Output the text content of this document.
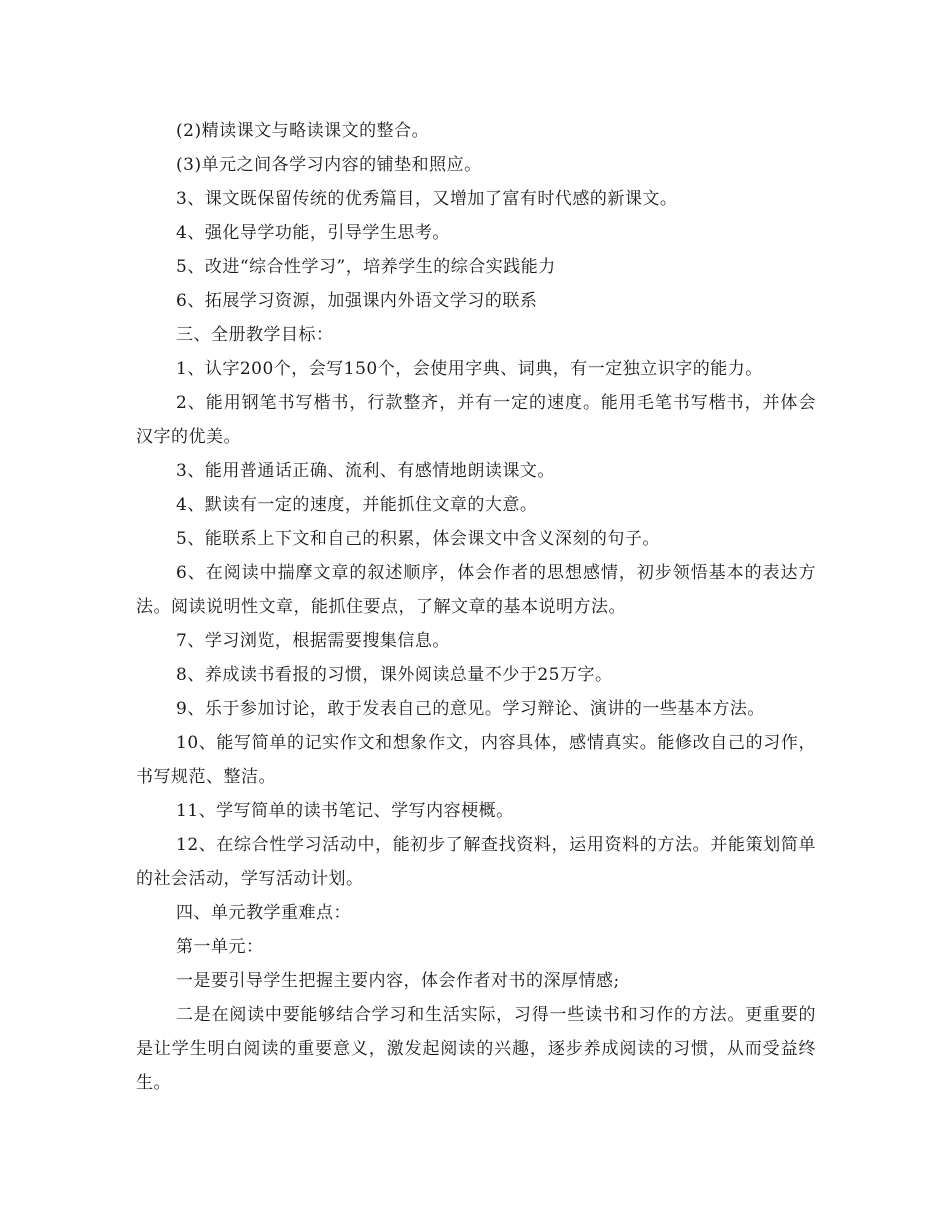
(2)精读课文与略读课文的整合。

(3)单元之间各学习内容的铺垫和照应。

3、课文既保留传统的优秀篇目，又增加了富有时代感的新课文。

4、强化导学功能，引导学生思考。

5、改进“综合性学习”，培养学生的综合实践能力

6、拓展学习资源，加强课内外语文学习的联系

三、全册教学目标：

1、认字200个，会写150个，会使用字典、词典，有一定独立识字的能力。

2、能用钢笔书写楷书，行款整齐，并有一定的速度。能用毛笔书写楷书，并体会汉字的优美。

3、能用普通话正确、流利、有感情地朗读课文。

4、默读有一定的速度，并能抓住文章的大意。

5、能联系上下文和自己的积累，体会课文中含义深刻的句子。

6、在阅读中揣摩文章的叙述顺序，体会作者的思想感情，初步领悟基本的表达方法。阅读说明性文章，能抓住要点，了解文章的基本说明方法。

7、学习浏览，根据需要搜集信息。

8、养成读书看报的习惯，课外阅读总量不少于25万字。

9、乐于参加讨论，敢于发表自己的意见。学习辩论、演讲的一些基本方法。

10、能写简单的记实作文和想象作文，内容具体，感情真实。能修改自己的习作，书写规范、整洁。

11、学写简单的读书笔记、学写内容梗概。

12、在综合性学习活动中，能初步了解查找资料，运用资料的方法。并能策划简单的社会活动，学写活动计划。

四、单元教学重难点：

第一单元：

一是要引导学生把握主要内容，体会作者对书的深厚情感;

二是在阅读中要能够结合学习和生活实际，习得一些读书和习作的方法。更重要的是让学生明白阅读的重要意义，激发起阅读的兴趣，逐步养成阅读的习惯，从而受益终生。
